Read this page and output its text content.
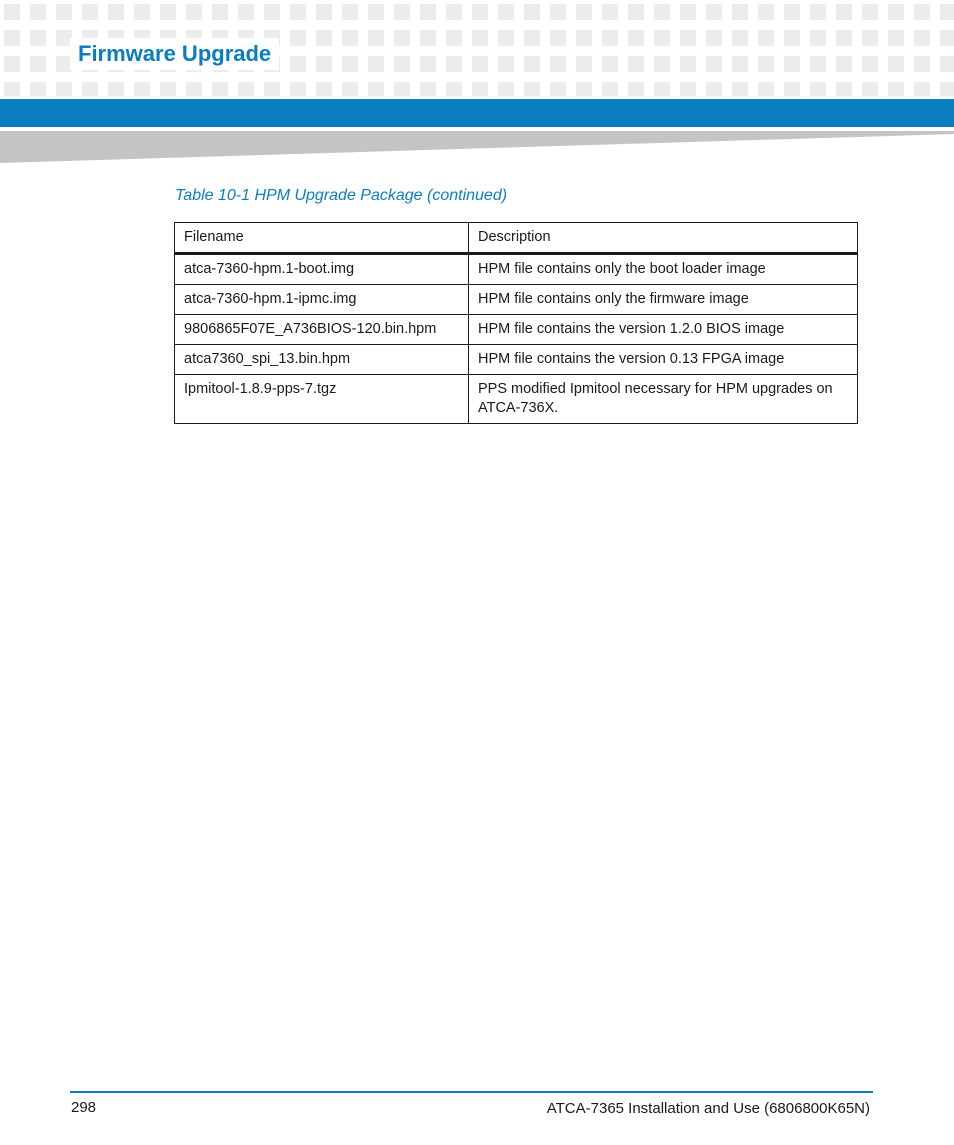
Firmware Upgrade
Table 10-1 HPM Upgrade Package (continued)
Filename	Description
atca-7360-hpm.1-boot.img	HPM file contains only the boot loader image
atca-7360-hpm.1-ipmc.img	HPM file contains only the firmware image
9806865F07E_A736BIOS-120.bin.hpm	HPM file contains the version 1.2.0 BIOS image
atca7360_spi_13.bin.hpm	HPM file contains the version 0.13 FPGA image
Ipmitool-1.8.9-pps-7.tgz	PPS modified Ipmitool necessary for HPM upgrades on ATCA-736X.
298	ATCA-7365 Installation and Use (6806800K65N)
